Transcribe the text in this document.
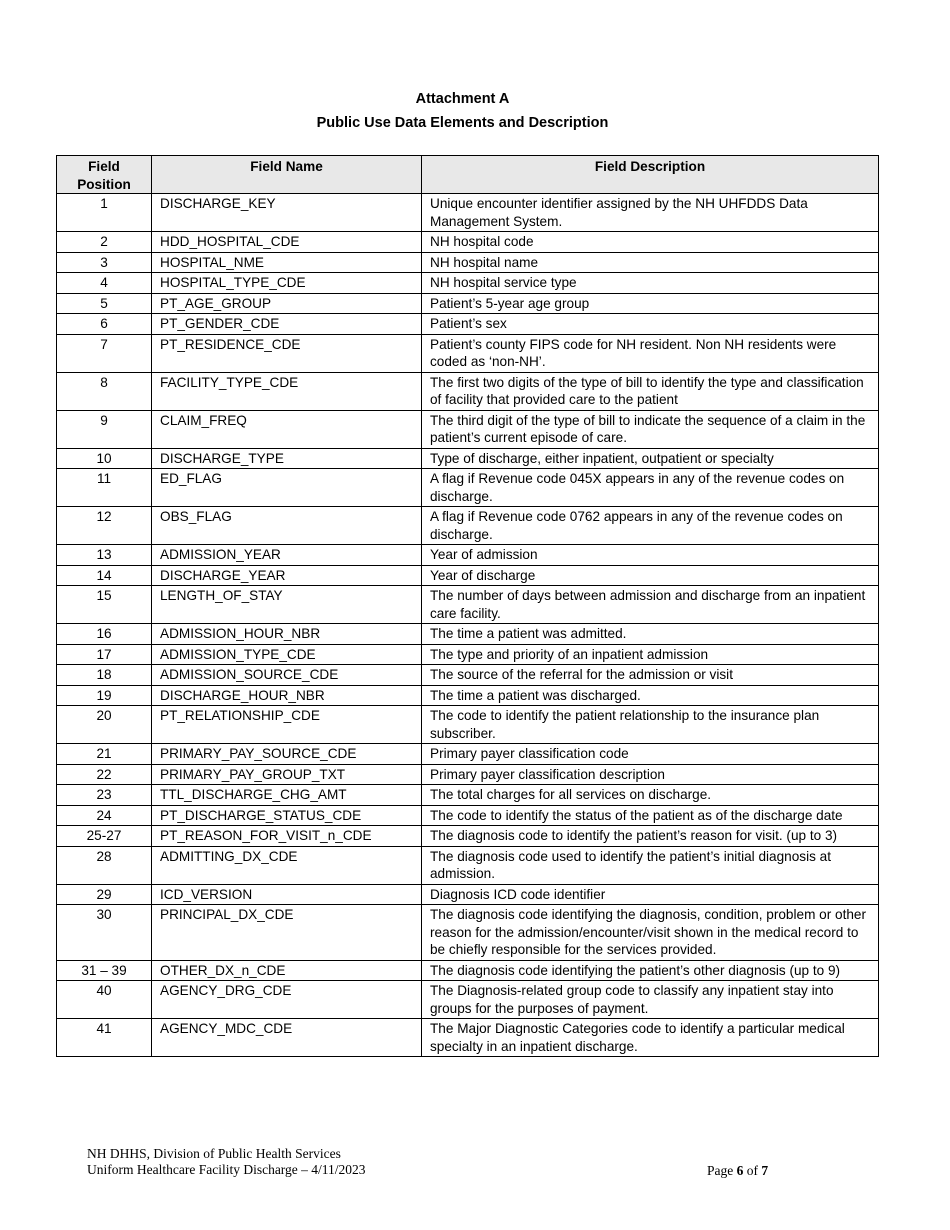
Attachment A
Public Use Data Elements and Description
Field Position	Field Name	Field Description
1	DISCHARGE_KEY	Unique encounter identifier assigned by the NH UHFDDS Data Management System.
2	HDD_HOSPITAL_CDE	NH hospital code
3	HOSPITAL_NME	NH hospital name
4	HOSPITAL_TYPE_CDE	NH hospital service type
5	PT_AGE_GROUP	Patient’s 5-year age group
6	PT_GENDER_CDE	Patient’s sex
7	PT_RESIDENCE_CDE	Patient’s county FIPS code for NH resident. Non NH residents were coded as ‘non-NH’.
8	FACILITY_TYPE_CDE	The first two digits of the type of bill to identify the type and classification of facility that provided care to the patient
9	CLAIM_FREQ	The third digit of the type of bill to indicate the sequence of a claim in the patient’s current episode of care.
10	DISCHARGE_TYPE	Type of discharge, either inpatient, outpatient or specialty
11	ED_FLAG	A flag if Revenue code 045X appears in any of the revenue codes on discharge.
12	OBS_FLAG	A flag if Revenue code 0762 appears in any of the revenue codes on discharge.
13	ADMISSION_YEAR	Year of admission
14	DISCHARGE_YEAR	Year of discharge
15	LENGTH_OF_STAY	The number of days between admission and discharge from an inpatient care facility.
16	ADMISSION_HOUR_NBR	The time a patient was admitted.
17	ADMISSION_TYPE_CDE	The type and priority of an inpatient admission
18	ADMISSION_SOURCE_CDE	The source of the referral for the admission or visit
19	DISCHARGE_HOUR_NBR	The time a patient was discharged.
20	PT_RELATIONSHIP_CDE	The code to identify the patient relationship to the insurance plan subscriber.
21	PRIMARY_PAY_SOURCE_CDE	Primary payer classification code
22	PRIMARY_PAY_GROUP_TXT	Primary payer classification description
23	TTL_DISCHARGE_CHG_AMT	The total charges for all services on discharge.
24	PT_DISCHARGE_STATUS_CDE	The code to identify the status of the patient as of the discharge date
25-27	PT_REASON_FOR_VISIT_n_CDE	The diagnosis code to identify the patient’s reason for visit. (up to 3)
28	ADMITTING_DX_CDE	The diagnosis code used to identify the patient’s initial diagnosis at admission.
29	ICD_VERSION	Diagnosis ICD code identifier
30	PRINCIPAL_DX_CDE	The diagnosis code identifying the diagnosis, condition, problem or other reason for the admission/encounter/visit shown in the medical record to be chiefly responsible for the services provided.
31 – 39	OTHER_DX_n_CDE	The diagnosis code identifying the patient’s other diagnosis (up to 9)
40	AGENCY_DRG_CDE	The Diagnosis-related group code to classify any inpatient stay into groups for the purposes of payment.
41	AGENCY_MDC_CDE	The Major Diagnostic Categories code to identify a particular medical specialty in an inpatient discharge.
NH DHHS, Division of Public Health Services
Uniform Healthcare Facility Discharge – 4/11/2023	Page 6 of 7
